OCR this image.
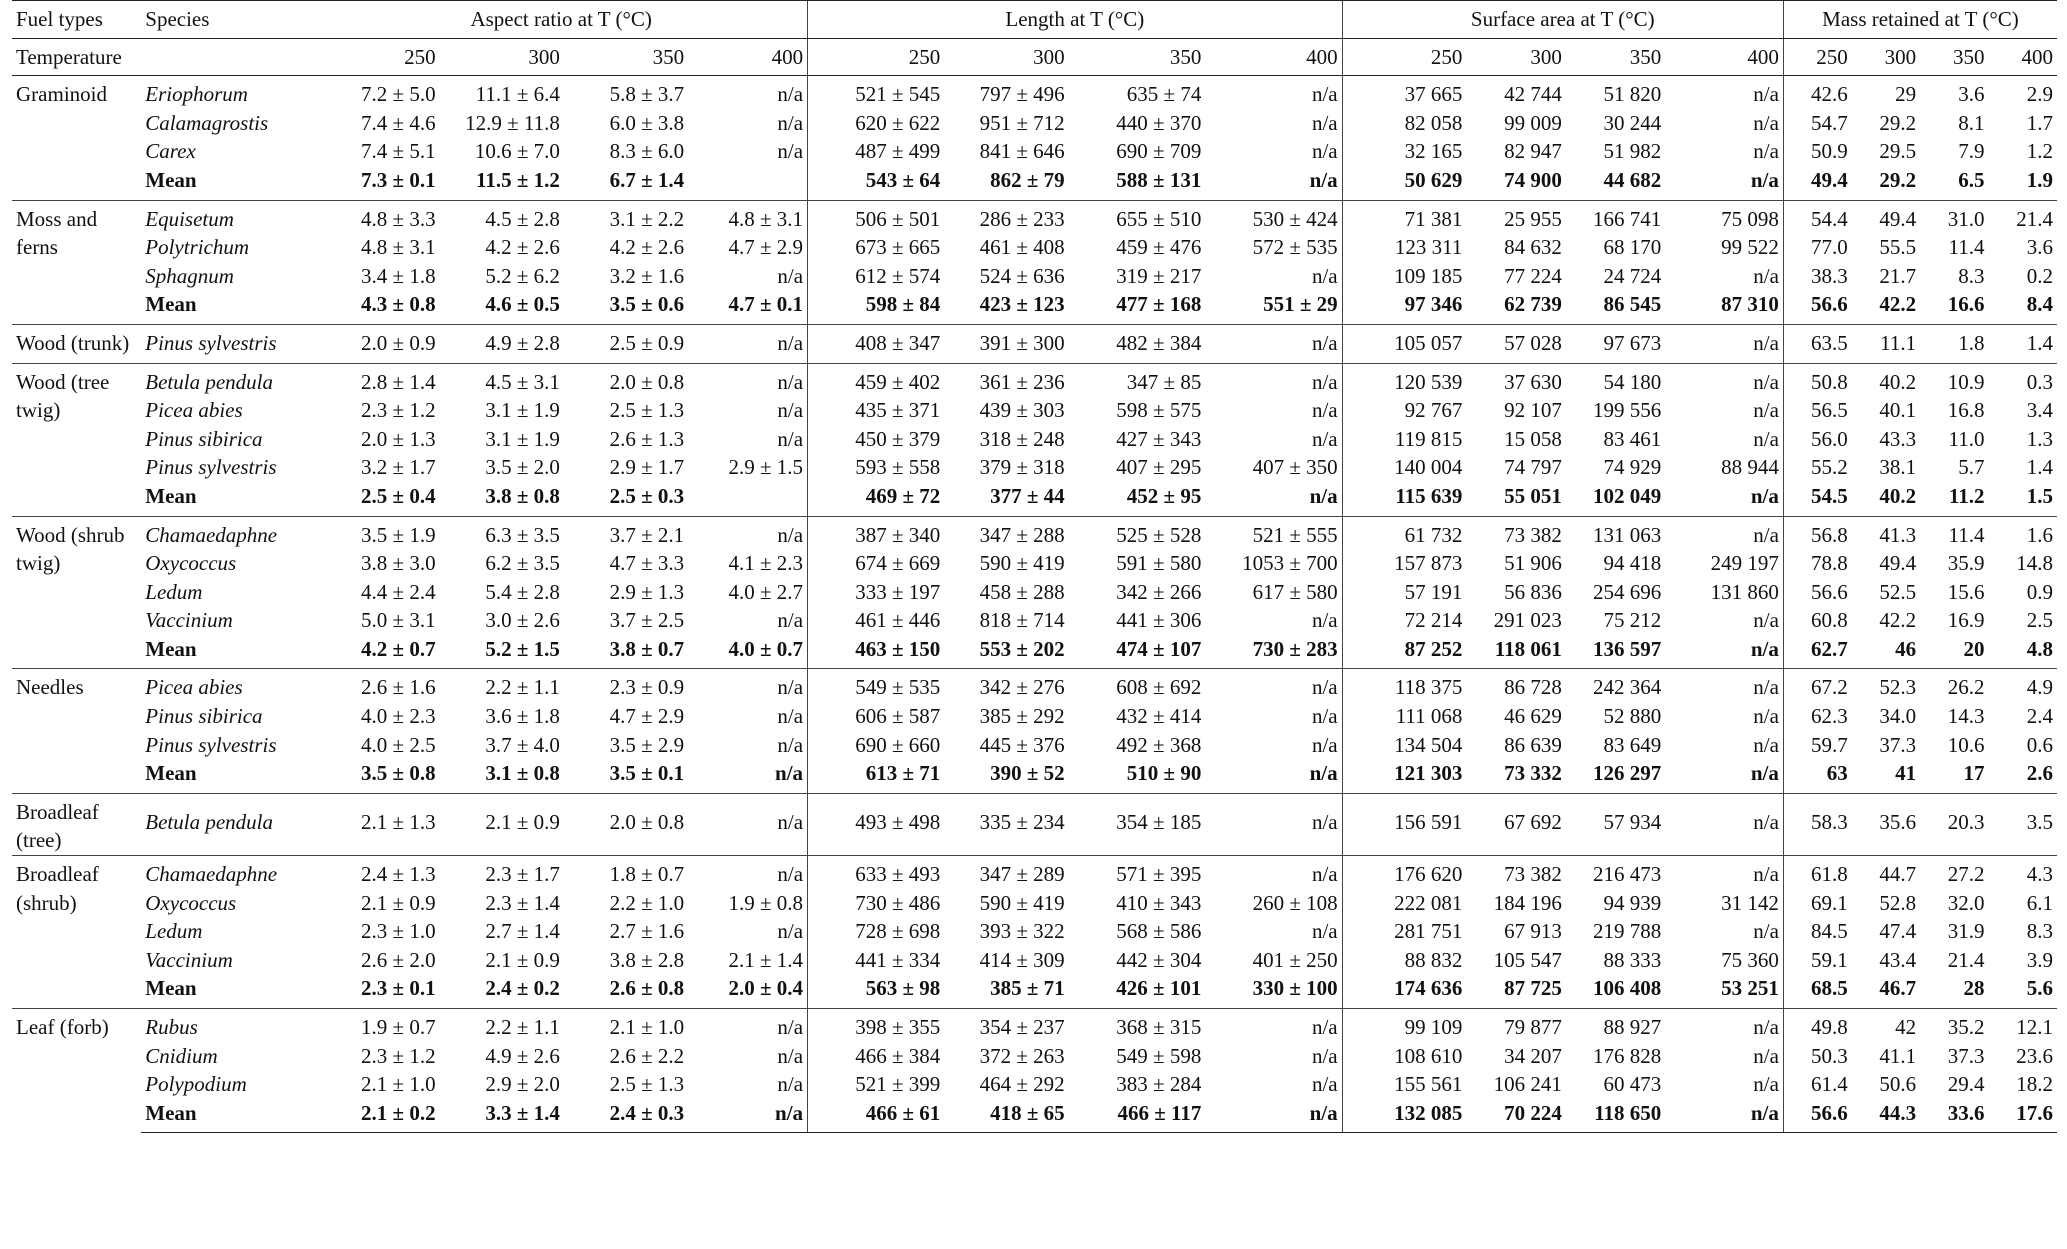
Fuel types	Species	Aspect ratio at T (°C)				Length at T (°C)				Surface area at T (°C)				Mass retained at T (°C)			
Temperature		250	300	350	400	250	300	350	400	250	300	350	400	250	300	350	400
Graminoid	Eriophorum	7.2 ± 5.0	11.1 ± 6.4	5.8 ± 3.7	n/a	521 ± 545	797 ± 496	635 ± 74	n/a	37 665	42 744	51 820	n/a	42.6	29	3.6	2.9
	Calamagrostis	7.4 ± 4.6	12.9 ± 11.8	6.0 ± 3.8	n/a	620 ± 622	951 ± 712	440 ± 370	n/a	82 058	99 009	30 244	n/a	54.7	29.2	8.1	1.7
	Carex	7.4 ± 5.1	10.6 ± 7.0	8.3 ± 6.0	n/a	487 ± 499	841 ± 646	690 ± 709	n/a	32 165	82 947	51 982	n/a	50.9	29.5	7.9	1.2
	Mean	7.3 ± 0.1	11.5 ± 1.2	6.7 ± 1.4		543 ± 64	862 ± 79	588 ± 131	n/a	50 629	74 900	44 682	n/a	49.4	29.2	6.5	1.9
Moss and ferns	Equisetum	4.8 ± 3.3	4.5 ± 2.8	3.1 ± 2.2	4.8 ± 3.1	506 ± 501	286 ± 233	655 ± 510	530 ± 424	71 381	25 955	166 741	75 098	54.4	49.4	31.0	21.4
	Polytrichum	4.8 ± 3.1	4.2 ± 2.6	4.2 ± 2.6	4.7 ± 2.9	673 ± 665	461 ± 408	459 ± 476	572 ± 535	123 311	84 632	68 170	99 522	77.0	55.5	11.4	3.6
	Sphagnum	3.4 ± 1.8	5.2 ± 6.2	3.2 ± 1.6	n/a	612 ± 574	524 ± 636	319 ± 217	n/a	109 185	77 224	24 724	n/a	38.3	21.7	8.3	0.2
	Mean	4.3 ± 0.8	4.6 ± 0.5	3.5 ± 0.6	4.7 ± 0.1	598 ± 84	423 ± 123	477 ± 168	551 ± 29	97 346	62 739	86 545	87 310	56.6	42.2	16.6	8.4
Wood (trunk)	Pinus sylvestris	2.0 ± 0.9	4.9 ± 2.8	2.5 ± 0.9	n/a	408 ± 347	391 ± 300	482 ± 384	n/a	105 057	57 028	97 673	n/a	63.5	11.1	1.8	1.4

Wood (tree twig)	Betula pendula	2.8 ± 1.4	4.5 ± 3.1	2.0 ± 0.8	n/a	459 ± 402	361 ± 236	347 ± 85	n/a	120 539	37 630	54 180	n/a	50.8	40.2	10.9	0.3
	Picea abies	2.3 ± 1.2	3.1 ± 1.9	2.5 ± 1.3	n/a	435 ± 371	439 ± 303	598 ± 575	n/a	92 767	92 107	199 556	n/a	56.5	40.1	16.8	3.4
	Pinus sibirica	2.0 ± 1.3	3.1 ± 1.9	2.6 ± 1.3	n/a	450 ± 379	318 ± 248	427 ± 343	n/a	119 815	15 058	83 461	n/a	56.0	43.3	11.0	1.3
	Pinus sylvestris	3.2 ± 1.7	3.5 ± 2.0	2.9 ± 1.7	2.9 ± 1.5	593 ± 558	379 ± 318	407 ± 295	407 ± 350	140 004	74 797	74 929	88 944	55.2	38.1	5.7	1.4
	Mean	2.5 ± 0.4	3.8 ± 0.8	2.5 ± 0.3		469 ± 72	377 ± 44	452 ± 95	n/a	115 639	55 051	102 049	n/a	54.5	40.2	11.2	1.5
Wood (shrub twig)	Chamaedaphne	3.5 ± 1.9	6.3 ± 3.5	3.7 ± 2.1	n/a	387 ± 340	347 ± 288	525 ± 528	521 ± 555	61 732	73 382	131 063	n/a	56.8	41.3	11.4	1.6
	Oxycoccus	3.8 ± 3.0	6.2 ± 3.5	4.7 ± 3.3	4.1 ± 2.3	674 ± 669	590 ± 419	591 ± 580	1053 ± 700	157 873	51 906	94 418	249 197	78.8	49.4	35.9	14.8
	Ledum	4.4 ± 2.4	5.4 ± 2.8	2.9 ± 1.3	4.0 ± 2.7	333 ± 197	458 ± 288	342 ± 266	617 ± 580	57 191	56 836	254 696	131 860	56.6	52.5	15.6	0.9
	Vaccinium	5.0 ± 3.1	3.0 ± 2.6	3.7 ± 2.5	n/a	461 ± 446	818 ± 714	441 ± 306	n/a	72 214	291 023	75 212	n/a	60.8	42.2	16.9	2.5
	Mean	4.2 ± 0.7	5.2 ± 1.5	3.8 ± 0.7	4.0 ± 0.7	463 ± 150	553 ± 202	474 ± 107	730 ± 283	87 252	118 061	136 597	n/a	62.7	46	20	4.8
Needles	Picea abies	2.6 ± 1.6	2.2 ± 1.1	2.3 ± 0.9	n/a	549 ± 535	342 ± 276	608 ± 692	n/a	118 375	86 728	242 364	n/a	67.2	52.3	26.2	4.9
	Pinus sibirica	4.0 ± 2.3	3.6 ± 1.8	4.7 ± 2.9	n/a	606 ± 587	385 ± 292	432 ± 414	n/a	111 068	46 629	52 880	n/a	62.3	34.0	14.3	2.4
	Pinus sylvestris	4.0 ± 2.5	3.7 ± 4.0	3.5 ± 2.9	n/a	690 ± 660	445 ± 376	492 ± 368	n/a	134 504	86 639	83 649	n/a	59.7	37.3	10.6	0.6
	Mean	3.5 ± 0.8	3.1 ± 0.8	3.5 ± 0.1	n/a	613 ± 71	390 ± 52	510 ± 90	n/a	121 303	73 332	126 297	n/a	63	41	17	2.6
Broadleaf (tree)	Betula pendula	2.1 ± 1.3	2.1 ± 0.9	2.0 ± 0.8	n/a	493 ± 498	335 ± 234	354 ± 185	n/a	156 591	67 692	57 934	n/a	58.3	35.6	20.3	3.5

Broadleaf (shrub)	Chamaedaphne	2.4 ± 1.3	2.3 ± 1.7	1.8 ± 0.7	n/a	633 ± 493	347 ± 289	571 ± 395	n/a	176 620	73 382	216 473	n/a	61.8	44.7	27.2	4.3
	Oxycoccus	2.1 ± 0.9	2.3 ± 1.4	2.2 ± 1.0	1.9 ± 0.8	730 ± 486	590 ± 419	410 ± 343	260 ± 108	222 081	184 196	94 939	31 142	69.1	52.8	32.0	6.1
	Ledum	2.3 ± 1.0	2.7 ± 1.4	2.7 ± 1.6	n/a	728 ± 698	393 ± 322	568 ± 586	n/a	281 751	67 913	219 788	n/a	84.5	47.4	31.9	8.3
	Vaccinium	2.6 ± 2.0	2.1 ± 0.9	3.8 ± 2.8	2.1 ± 1.4	441 ± 334	414 ± 309	442 ± 304	401 ± 250	88 832	105 547	88 333	75 360	59.1	43.4	21.4	3.9
	Mean	2.3 ± 0.1	2.4 ± 0.2	2.6 ± 0.8	2.0 ± 0.4	563 ± 98	385 ± 71	426 ± 101	330 ± 100	174 636	87 725	106 408	53 251	68.5	46.7	28	5.6
Leaf (forb)	Rubus	1.9 ± 0.7	2.2 ± 1.1	2.1 ± 1.0	n/a	398 ± 355	354 ± 237	368 ± 315	n/a	99 109	79 877	88 927	n/a	49.8	42	35.2	12.1
	Cnidium	2.3 ± 1.2	4.9 ± 2.6	2.6 ± 2.2	n/a	466 ± 384	372 ± 263	549 ± 598	n/a	108 610	34 207	176 828	n/a	50.3	41.1	37.3	23.6
	Polypodium	2.1 ± 1.0	2.9 ± 2.0	2.5 ± 1.3	n/a	521 ± 399	464 ± 292	383 ± 284	n/a	155 561	106 241	60 473	n/a	61.4	50.6	29.4	18.2
	Mean	2.1 ± 0.2	3.3 ± 1.4	2.4 ± 0.3	n/a	466 ± 61	418 ± 65	466 ± 117	n/a	132 085	70 224	118 650	n/a	56.6	44.3	33.6	17.6
